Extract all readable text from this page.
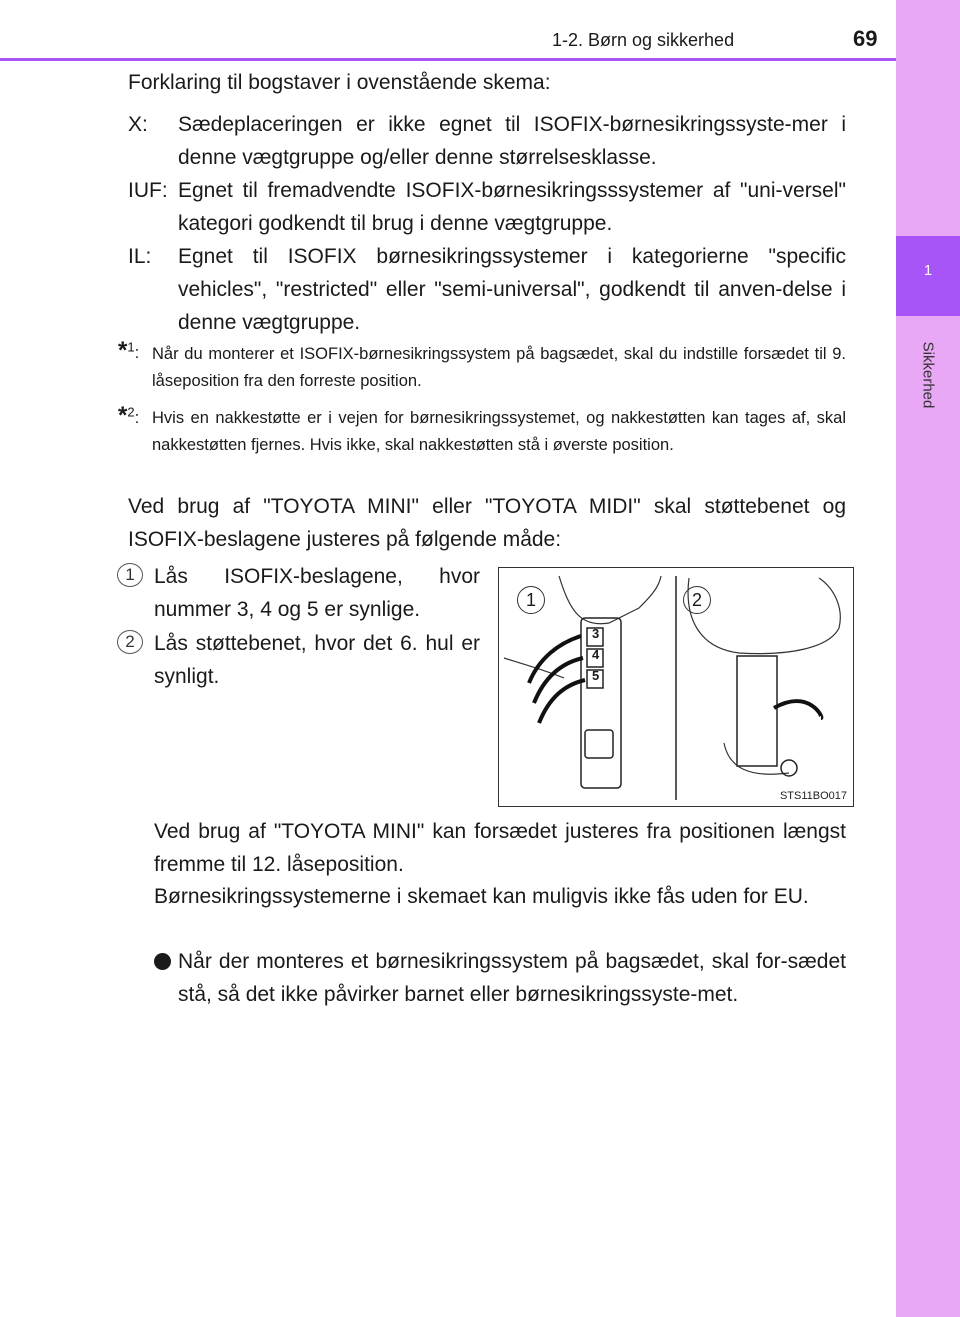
1
Sikkerhed
1-2. Børn og sikkerhed	69
Forklaring til bogstaver i ovenstående skema:
X: Sædeplaceringen er ikke egnet til ISOFIX-børnesikringssyste-mer i denne vægtgruppe og/eller denne størrelsesklasse.
IUF: Egnet til fremadvendte ISOFIX-børnesikringsssystemer af "uni-versel" kategori godkendt til brug i denne vægtgruppe.
IL: Egnet til ISOFIX børnesikringssystemer i kategorierne "specific vehicles", "restricted" eller "semi-universal", godkendt til anven-delse i denne vægtgruppe.
*$^1$: Når du monterer et ISOFIX-børnesikringssystem på bagsædet, skal du indstille forsædet til 9. låseposition fra den forreste position.
*$^2$: Hvis en nakkestøtte er i vejen for børnesikringssystemet, og nakkestøtten kan tages af, skal nakkestøtten fjernes. Hvis ikke, skal nakkestøtten stå i øverste position.
Ved brug af "TOYOTA MINI" eller "TOYOTA MIDI" skal støttebenet og ISOFIX-beslagene justeres på følgende måde:
1 Lås ISOFIX-beslagene, hvor nummer 3, 4 og 5 er synlige.
2 Lås støttebenet, hvor det 6. hul er synligt.
1	2
3
4
5
STS11BO017
Ved brug af "TOYOTA MINI" kan forsædet justeres fra positionen længst fremme til 12. låseposition.
Børnesikringssystemerne i skemaet kan muligvis ikke fås uden for EU.
Når der monteres et børnesikringssystem på bagsædet, skal for-sædet stå, så det ikke påvirker barnet eller børnesikringssyste-met.
